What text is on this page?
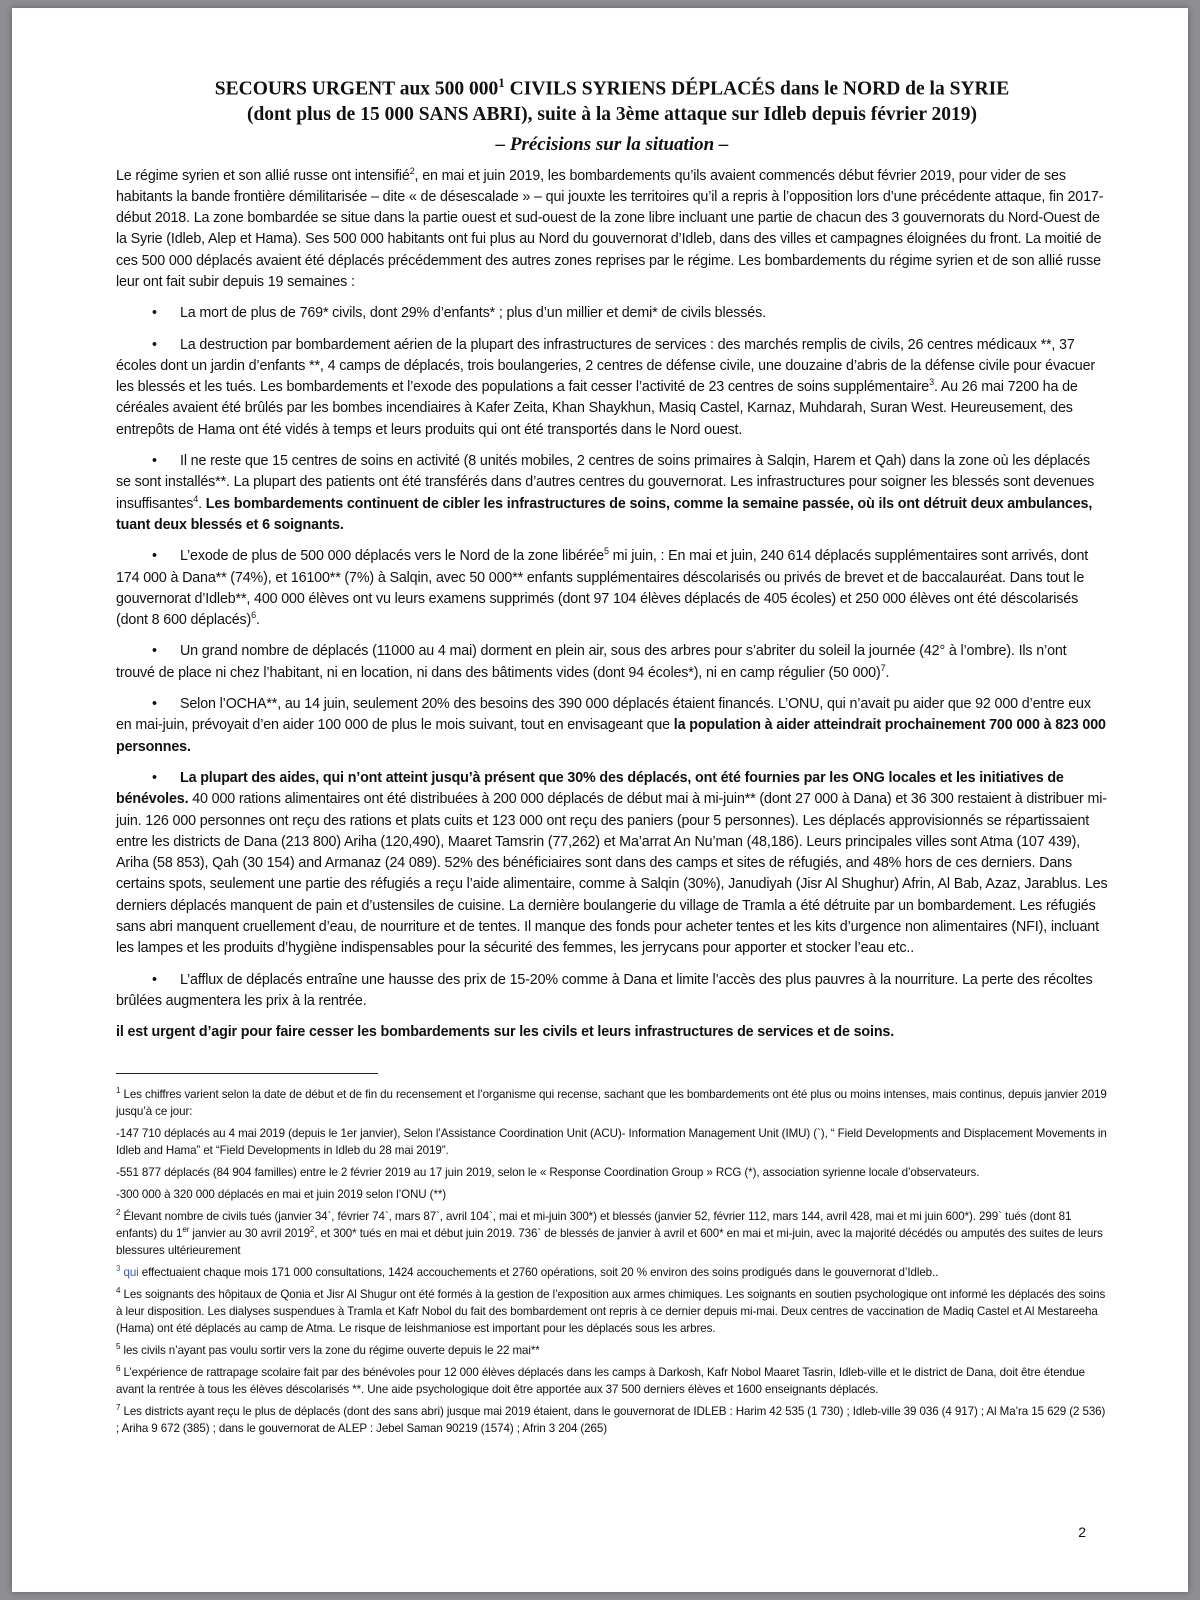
SECOURS URGENT aux 500 $000^1$ CIVILS SYRIENS DÉPLACÉS dans le NORD de la SYRIE
(dont plus de 15 000 SANS ABRI), suite à la 3ème attaque sur Idleb depuis février 2019)
– Précisions sur la situation –

Le régime syrien et son allié russe ont intensifié$^2$, en mai et juin 2019, les bombardements qu’ils avaient commencés début février 2019, pour vider de ses habitants la bande frontière démilitarisée – dite « de désescalade » – qui jouxte les territoires qu’il a repris à l’opposition lors d’une précédente attaque, fin 2017- début 2018. La zone bombardée se situe dans la partie ouest et sud-ouest de la zone libre incluant une partie de chacun des 3 gouvernorats du Nord-Ouest de la Syrie (Idleb, Alep et Hama). Ses 500 000 habitants ont fui plus au Nord du gouvernorat d’Idleb, dans des villes et campagnes éloignées du front. La moitié de ces 500 000 déplacés avaient été déplacés précédemment des autres zones reprises par le régime. Les bombardements du régime syrien et de son allié russe leur ont fait subir depuis 19 semaines :

• La mort de plus de 769* civils, dont 29% d’enfants* ; plus d’un millier et demi* de civils blessés.

• La destruction par bombardement aérien de la plupart des infrastructures de services : des marchés remplis de civils, 26 centres médicaux **, 37 écoles dont un jardin d’enfants **, 4 camps de déplacés, trois boulangeries, 2 centres de défense civile, une douzaine d’abris de la défense civile pour évacuer les blessés et les tués. Les bombardements et l’exode des populations a fait cesser l’activité de 23 centres de soins supplémentaire$^3$. Au 26 mai 7200 ha de céréales avaient été brûlés par les bombes incendiaires à Kafer Zeita, Khan Shaykhun, Masiq Castel, Karnaz, Muhdarah, Suran West. Heureusement, des entrepôts de Hama ont été vidés à temps et leurs produits qui ont été transportés dans le Nord ouest.

• Il ne reste que 15 centres de soins en activité (8 unités mobiles, 2 centres de soins primaires à Salqin, Harem et Qah) dans la zone où les déplacés se sont installés**. La plupart des patients ont été transférés dans d’autres centres du gouvernorat. Les infrastructures pour soigner les blessés sont devenues insuffisantes$^4$. Les bombardements continuent de cibler les infrastructures de soins, comme la semaine passée, où ils ont détruit deux ambulances, tuant deux blessés et 6 soignants.

• L’exode de plus de 500 000 déplacés vers le Nord de la zone libérée$^5$ mi juin, : En mai et juin, 240 614 déplacés supplémentaires sont arrivés, dont 174 000 à Dana** (74%), et 16100** (7%) à Salqin, avec 50 000** enfants supplémentaires déscolarisés ou privés de brevet et de baccalauréat. Dans tout le gouvernorat d’Idleb**, 400 000 élèves ont vu leurs examens supprimés (dont 97 104 élèves déplacés de 405 écoles) et 250 000 élèves ont été déscolarisés (dont 8 600 déplacés)$^6$.

• Un grand nombre de déplacés (11000 au 4 mai) dorment en plein air, sous des arbres pour s’abriter du soleil la journée (42° à l’ombre). Ils n’ont trouvé de place ni chez l’habitant, ni en location, ni dans des bâtiments vides (dont 94 écoles*), ni en camp régulier (50 000)$^7$.

• Selon l’OCHA**, au 14 juin, seulement 20% des besoins des 390 000 déplacés étaient financés. L’ONU, qui n’avait pu aider que 92 000 d’entre eux en mai-juin, prévoyait d’en aider 100 000 de plus le mois suivant, tout en envisageant que la population à aider atteindrait prochainement 700 000 à 823 000 personnes.

• La plupart des aides, qui n’ont atteint jusqu’à présent que 30% des déplacés, ont été fournies par les ONG locales et les initiatives de bénévoles. 40 000 rations alimentaires ont été distribuées à 200 000 déplacés de début mai à mi-juin** (dont 27 000 à Dana) et 36 300 restaient à distribuer mi-juin. 126 000 personnes ont reçu des rations et plats cuits et 123 000 ont reçu des paniers (pour 5 personnes). Les déplacés approvisionnés se répartissaient entre les districts de Dana (213 800) Ariha (120,490), Maaret Tamsrin (77,262) et Ma’arrat An Nu’man (48,186). Leurs principales villes sont Atma (107 439), Ariha (58 853), Qah (30 154) and Armanaz (24 089). 52% des bénéficiaires sont dans des camps et sites de réfugiés, and 48% hors de ces derniers. Dans certains spots, seulement une partie des réfugiés a reçu l’aide alimentaire, comme à Salqin (30%), Janudiyah (Jisr Al Shughur) Afrin, Al Bab, Azaz, Jarablus. Les derniers déplacés manquent de pain et d’ustensiles de cuisine. La dernière boulangerie du village de Tramla a été détruite par un bombardement. Les réfugiés sans abri manquent cruellement d’eau, de nourriture et de tentes. Il manque des fonds pour acheter tentes et les kits d’urgence non alimentaires (NFI), incluant les lampes et les produits d’hygiène indispensables pour la sécurité des femmes, les jerrycans pour apporter et stocker l’eau etc..

• L’afflux de déplacés entraîne une hausse des prix de 15-20% comme à Dana et limite l’accès des plus pauvres à la nourriture. La perte des récoltes brûlées augmentera les prix à la rentrée.

il est urgent d’agir pour faire cesser les bombardements sur les civils et leurs infrastructures de services et de soins.

$^1$ Les chiffres varient selon la date de début et de fin du recensement et l’organisme qui recense, sachant que les bombardements ont été plus ou moins intenses, mais continus, depuis janvier 2019 jusqu’à ce jour:

-147 710 déplacés au 4 mai 2019 (depuis le 1er janvier), Selon l’Assistance Coordination Unit (ACU)- Information Management Unit (IMU) (`), “ Field Developments and Displacement Movements in Idleb and Hama” et “Field Developments in Idleb du 28 mai 2019”.

-551 877 déplacés (84 904 familles) entre le 2 février 2019 au 17 juin 2019, selon le « Response Coordination Group » RCG (*), association syrienne locale d’observateurs.

-300 000 à 320 000 déplacés en mai et juin 2019 selon l’ONU (**)

$^2$ Élevant nombre de civils tués (janvier 34`, février 74`, mars 87`, avril 104`, mai et mi-juin 300*) et blessés (janvier 52, février 112, mars 144, avril 428, mai et mi juin 600*). 299` tués (dont 81 enfants) du 1er janvier au 30 avril 2019$^2$, et 300* tués en mai et début juin 2019. 736` de blessés de janvier à avril et 600* en mai et mi-juin, avec la majorité décédés ou amputés des suites de leurs blessures ultérieurement

$^3$ qui effectuaient chaque mois 171 000 consultations, 1424 accouchements et 2760 opérations, soit 20 % environ des soins prodigués dans le gouvernorat d’Idleb..

$^4$ Les soignants des hôpitaux de Qonia et Jisr Al Shugur ont été formés à la gestion de l’exposition aux armes chimiques. Les soignants en soutien psychologique ont informé les déplacés des soins à leur disposition. Les dialyses suspendues à Tramla et Kafr Nobol du fait des bombardement ont repris à ce dernier depuis mi-mai. Deux centres de vaccination de Madiq Castel et Al Mestareeha (Hama) ont été déplacés au camp de Atma. Le risque de leishmaniose est important pour les déplacés sous les arbres.

$^5$ les civils n’ayant pas voulu sortir vers la zone du régime ouverte depuis le 22 mai**

$^6$ L’expérience de rattrapage scolaire fait par des bénévoles pour 12 000 élèves déplacés dans les camps à Darkosh, Kafr Nobol Maaret Tasrin, Idleb-ville et le district de Dana, doit être étendue avant la rentrée à tous les élèves déscolarisés **. Une aide psychologique doit être apportée aux 37 500 derniers élèves et 1600 enseignants déplacés.

$^7$ Les districts ayant reçu le plus de déplacés (dont des sans abri) jusque mai 2019 étaient, dans le gouvernorat de IDLEB : Harim 42 535 (1 730) ; Idleb-ville 39 036 (4 917) ; Al Ma’ra 15 629 (2 536) ; Ariha 9 672 (385) ; dans le gouvernorat de ALEP : Jebel Saman 90219 (1574) ; Afrin 3 204 (265)

2
